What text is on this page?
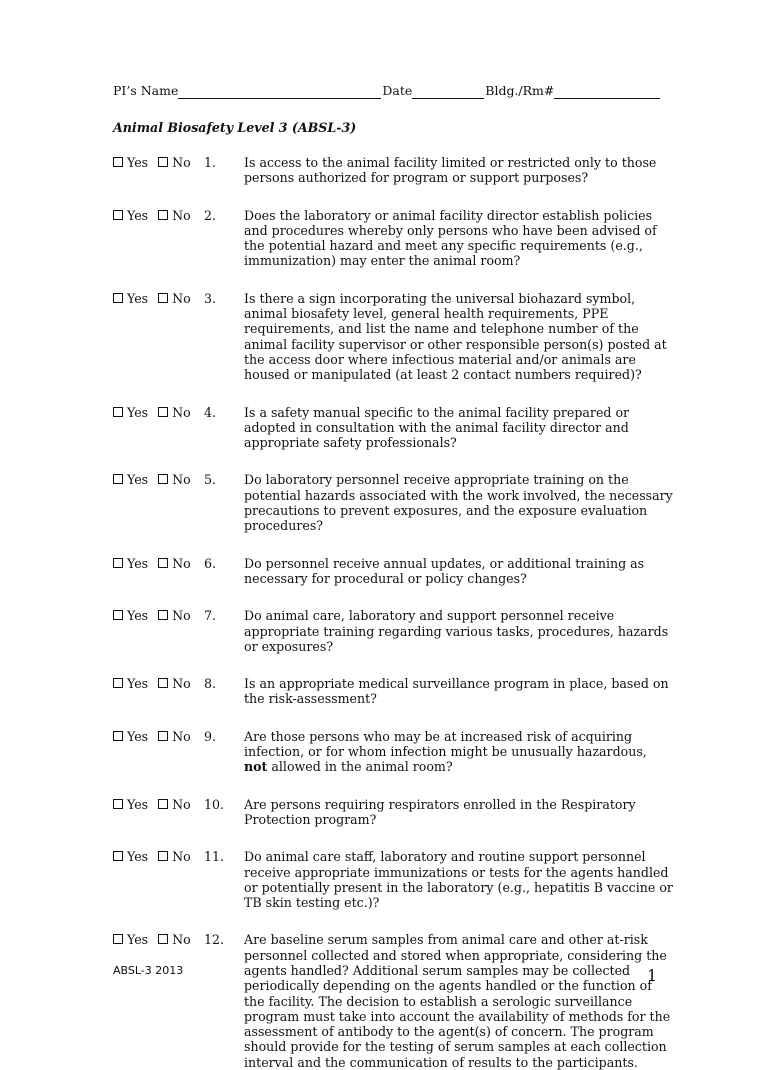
PI’s Name	Date	Bldg./Rm#
Animal Biosafety Level 3 (ABSL-3)
Yes No 1. Is access to the animal facility limited or restricted only to those persons authorized for program or support purposes?
Yes No 2. Does the laboratory or animal facility director establish policies and procedures whereby only persons who have been advised of the potential hazard and meet any specific requirements (e.g., immunization) may enter the animal room?
Yes No 3. Is there a sign incorporating the universal biohazard symbol, animal biosafety level, general health requirements, PPE requirements, and list the name and telephone number of the animal facility supervisor or other responsible person(s) posted at the access door where infectious material and/or animals are housed or manipulated (at least 2 contact numbers required)?
Yes No 4. Is a safety manual specific to the animal facility prepared or adopted in consultation with the animal facility director and appropriate safety professionals?
Yes No 5. Do laboratory personnel receive appropriate training on the potential hazards associated with the work involved, the necessary precautions to prevent exposures, and the exposure evaluation procedures?
Yes No 6. Do personnel receive annual updates, or additional training as necessary for procedural or policy changes?
Yes No 7. Do animal care, laboratory and support personnel receive appropriate training regarding various tasks, procedures, hazards or exposures?
Yes No 8. Is an appropriate medical surveillance program in place, based on the risk-assessment?
Yes No 9. Are those persons who may be at increased risk of acquiring infection, or for whom infection might be unusually hazardous, not allowed in the animal room?
Yes No 10. Are persons requiring respirators enrolled in the Respiratory Protection program?
Yes No 11. Do animal care staff, laboratory and routine support personnel receive appropriate immunizations or tests for the agents handled or potentially present in the laboratory (e.g., hepatitis B vaccine or TB skin testing etc.)?
Yes No 12. Are baseline serum samples from animal care and other at-risk personnel collected and stored when appropriate, considering the agents handled? Additional serum samples may be collected periodically depending on the agents handled or the function of the facility. The decision to establish a serologic surveillance program must take into account the availability of methods for the assessment of antibody to the agent(s) of concern. The program should provide for the testing of serum samples at each collection interval and the communication of results to the participants.
ABSL-3 2013	1
